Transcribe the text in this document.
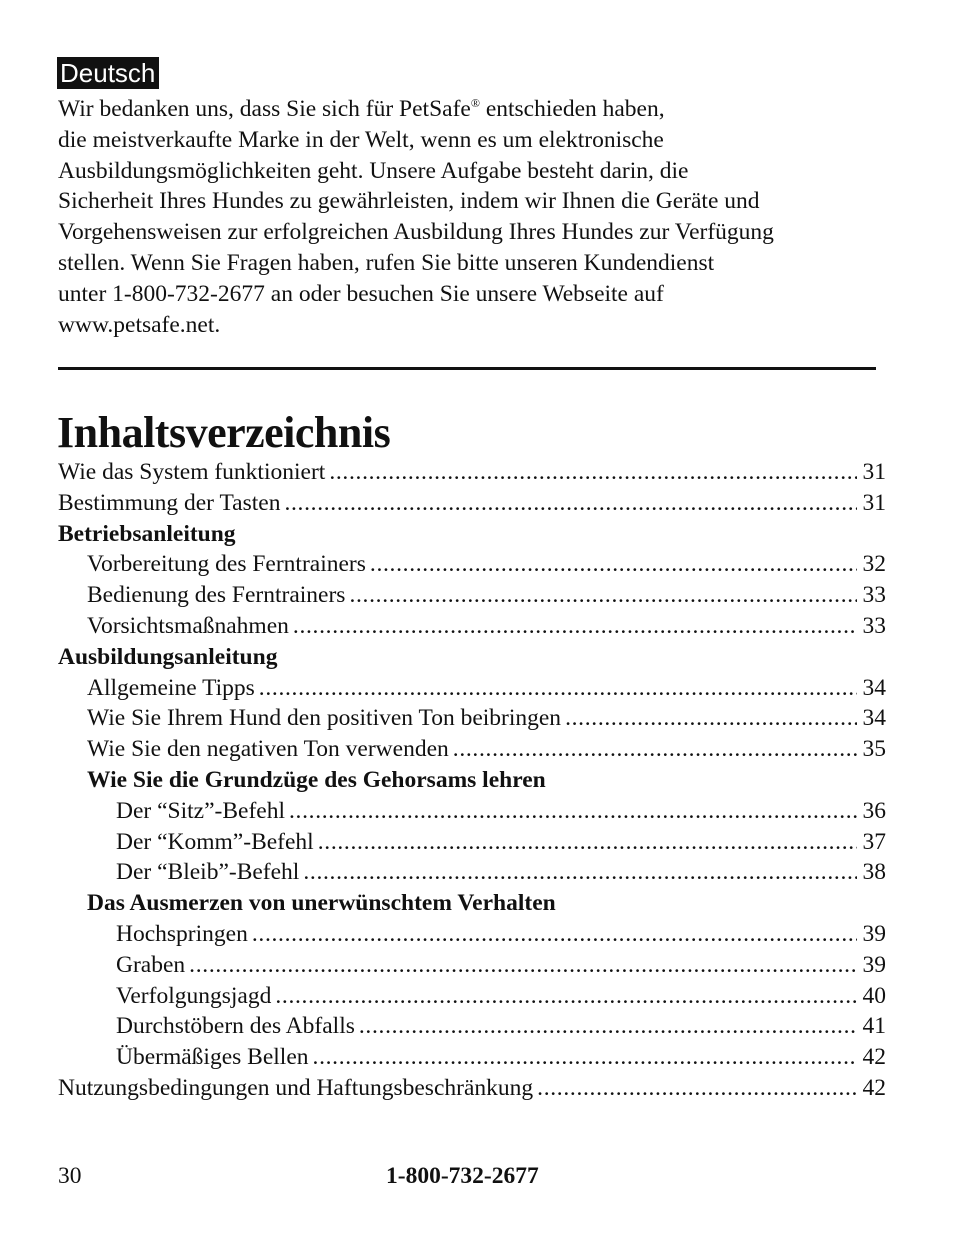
Deutsch
Wir bedanken uns, dass Sie sich für PetSafe® entschieden haben,
die meistverkaufte Marke in der Welt, wenn es um elektronische
Ausbildungsmöglichkeiten geht. Unsere Aufgabe besteht darin, die
Sicherheit Ihres Hundes zu gewährleisten, indem wir Ihnen die Geräte und
Vorgehensweisen zur erfolgreichen Ausbildung Ihres Hundes zur Verfügung
stellen. Wenn Sie Fragen haben, rufen Sie bitte unseren Kundendienst
unter 1-800-732-2677 an oder besuchen Sie unsere Webseite auf
www.petsafe.net.
Inhaltsverzeichnis
Wie das System funktioniert . . .	31
Bestimmung der Tasten . . .	31
Betriebsanleitung
Vorbereitung des Ferntrainers . . .	32
Bedienung des Ferntrainers . . .	33
Vorsichtsmaßnahmen . . .	33
Ausbildungsanleitung
Allgemeine Tipps . . .	34
Wie Sie Ihrem Hund den positiven Ton beibringen . . .	34
Wie Sie den negativen Ton verwenden . . .	35
Wie Sie die Grundzüge des Gehorsams lehren
Der “Sitz”-Befehl . . .	36
Der “Komm”-Befehl . . .	37
Der “Bleib”-Befehl . . .	38
Das Ausmerzen von unerwünschtem Verhalten
Hochspringen . . .	39
Graben . . .	39
Verfolgungsjagd . . .	40
Durchstöbern des Abfalls . . .	41
Übermäßiges Bellen . . .	42
Nutzungsbedingungen und Haftungsbeschränkung . . .	42
30	1-800-732-2677
